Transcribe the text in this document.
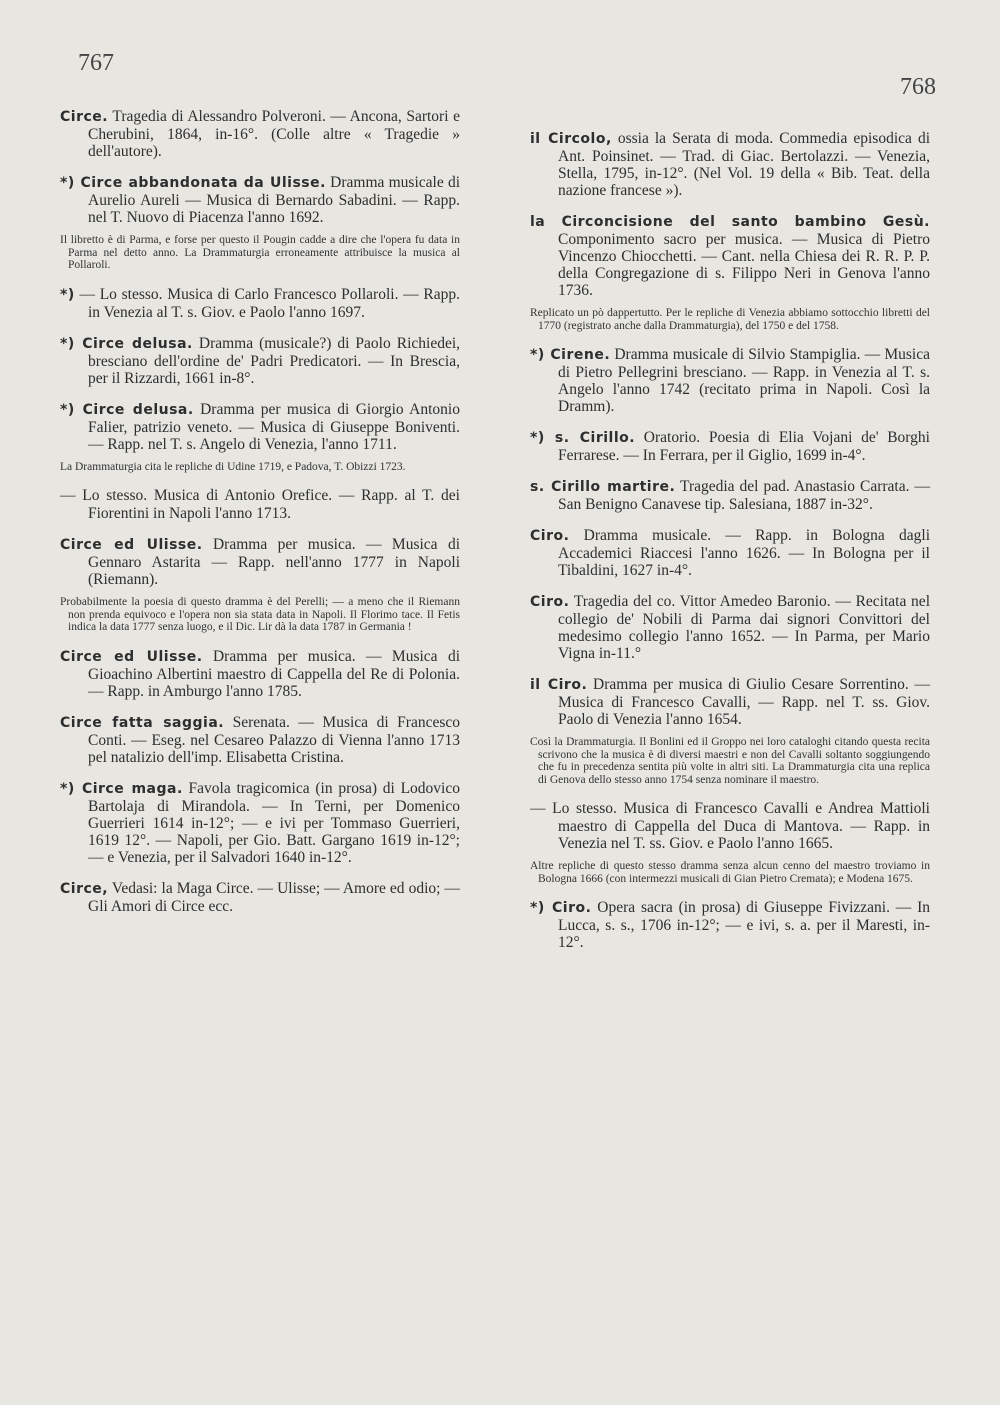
767
768
Circe. Tragedia di Alessandro Polveroni. — Ancona, Sartori e Cherubini, 1864, in-16°. (Colle altre « Tragedie » dell'autore).
*) Circe abbandonata da Ulisse. Dramma musicale di Aurelio Aureli — Musica di Bernardo Sabadini. — Rapp. nel T. Nuovo di Piacenza l'anno 1692.
Il libretto è di Parma, e forse per questo il Pougin cadde a dire che l'opera fu data in Parma nel detto anno. La Drammaturgia erroneamente attribuisce la musica al Pollaroli.
*) — Lo stesso. Musica di Carlo Francesco Pollaroli. — Rapp. in Venezia al T. s. Giov. e Paolo l'anno 1697.
*) Circe delusa. Dramma (musicale?) di Paolo Richiedei, bresciano dell'ordine de' Padri Predicatori. — In Brescia, per il Rizzardi, 1661 in-8°.
*) Circe delusa. Dramma per musica di Giorgio Antonio Falier, patrizio veneto. — Musica di Giuseppe Boniventi. — Rapp. nel T. s. Angelo di Venezia, l'anno 1711.
La Drammaturgia cita le repliche di Udine 1719, e Padova, T. Obizzi 1723.
— Lo stesso. Musica di Antonio Orefice. — Rapp. al T. dei Fiorentini in Napoli l'anno 1713.
Circe ed Ulisse. Dramma per musica. — Musica di Gennaro Astarita — Rapp. nell'anno 1777 in Napoli (Riemann).
Probabilmente la poesia di questo dramma è del Perelli; — a meno che il Riemann non prenda equivoco e l'opera non sia stata data in Napoli. Il Florimo tace. Il Fetis indica la data 1777 senza luogo, e il Dic. Lir dà la data 1787 in Germania !
Circe ed Ulisse. Dramma per musica. — Musica di Gioachino Albertini maestro di Cappella del Re di Polonia. — Rapp. in Amburgo l'anno 1785.
Circe fatta saggia. Serenata. — Musica di Francesco Conti. — Eseg. nel Cesareo Palazzo di Vienna l'anno 1713 pel natalizio dell'imp. Elisabetta Cristina.
*) Circe maga. Favola tragicomica (in prosa) di Lodovico Bartolaja di Mirandola. — In Terni, per Domenico Guerrieri 1614 in-12°; — e ivi per Tommaso Guerrieri, 1619 12°. — Napoli, per Gio. Batt. Gargano 1619 in-12°; — e Venezia, per il Salvadori 1640 in-12°.
Circe, Vedasi: la Maga Circe. — Ulisse; — Amore ed odio; — Gli Amori di Circe ecc.
il Circolo, ossia la Serata di moda. Commedia episodica di Ant. Poinsinet. — Trad. di Giac. Bertolazzi. — Venezia, Stella, 1795, in-12°. (Nel Vol. 19 della « Bib. Teat. della nazione francese »).
la Circoncisione del santo bambino Gesù. Componimento sacro per musica. — Musica di Pietro Vincenzo Chiocchetti. — Cant. nella Chiesa dei R. R. P. P. della Congregazione di s. Filippo Neri in Genova l'anno 1736.
Replicato un pò dappertutto. Per le repliche di Venezia abbiamo sottocchio libretti del 1770 (registrato anche dalla Drammaturgia), del 1750 e del 1758.
*) Cirene. Dramma musicale di Silvio Stampiglia. — Musica di Pietro Pellegrini bresciano. — Rapp. in Venezia al T. s. Angelo l'anno 1742 (recitato prima in Napoli. Così la Dramm).
*) s. Cirillo. Oratorio. Poesia di Elia Vojani de' Borghi Ferrarese. — In Ferrara, per il Giglio, 1699 in-4°.
s. Cirillo martire. Tragedia del pad. Anastasio Carrata. — San Benigno Canavese tip. Salesiana, 1887 in-32°.
Ciro. Dramma musicale. — Rapp. in Bologna dagli Accademici Riaccesi l'anno 1626. — In Bologna per il Tibaldini, 1627 in-4°.
Ciro. Tragedia del co. Vittor Amedeo Baronio. — Recitata nel collegio de' Nobili di Parma dai signori Convittori del medesimo collegio l'anno 1652. — In Parma, per Mario Vigna in-11.°
il Ciro. Dramma per musica di Giulio Cesare Sorrentino. — Musica di Francesco Cavalli, — Rapp. nel T. ss. Giov. Paolo di Venezia l'anno 1654.
Così la Drammaturgia. Il Bonlini ed il Groppo nei loro cataloghi citando questa recita scrivono che la musica è di diversi maestri e non del Cavalli soltanto soggiungendo che fu in precedenza sentita più volte in altri siti. La Drammaturgia cita una replica di Genova dello stesso anno 1754 senza nominare il maestro.
— Lo stesso. Musica di Francesco Cavalli e Andrea Mattioli maestro di Cappella del Duca di Mantova. — Rapp. in Venezia nel T. ss. Giov. e Paolo l'anno 1665.
Altre repliche di questo stesso dramma senza alcun cenno del maestro troviamo in Bologna 1666 (con intermezzi musicali di Gian Pietro Cremata); e Modena 1675.
*) Ciro. Opera sacra (in prosa) di Giuseppe Fivizzani. — In Lucca, s. s., 1706 in-12°; — e ivi, s. a. per il Maresti, in-12°.
